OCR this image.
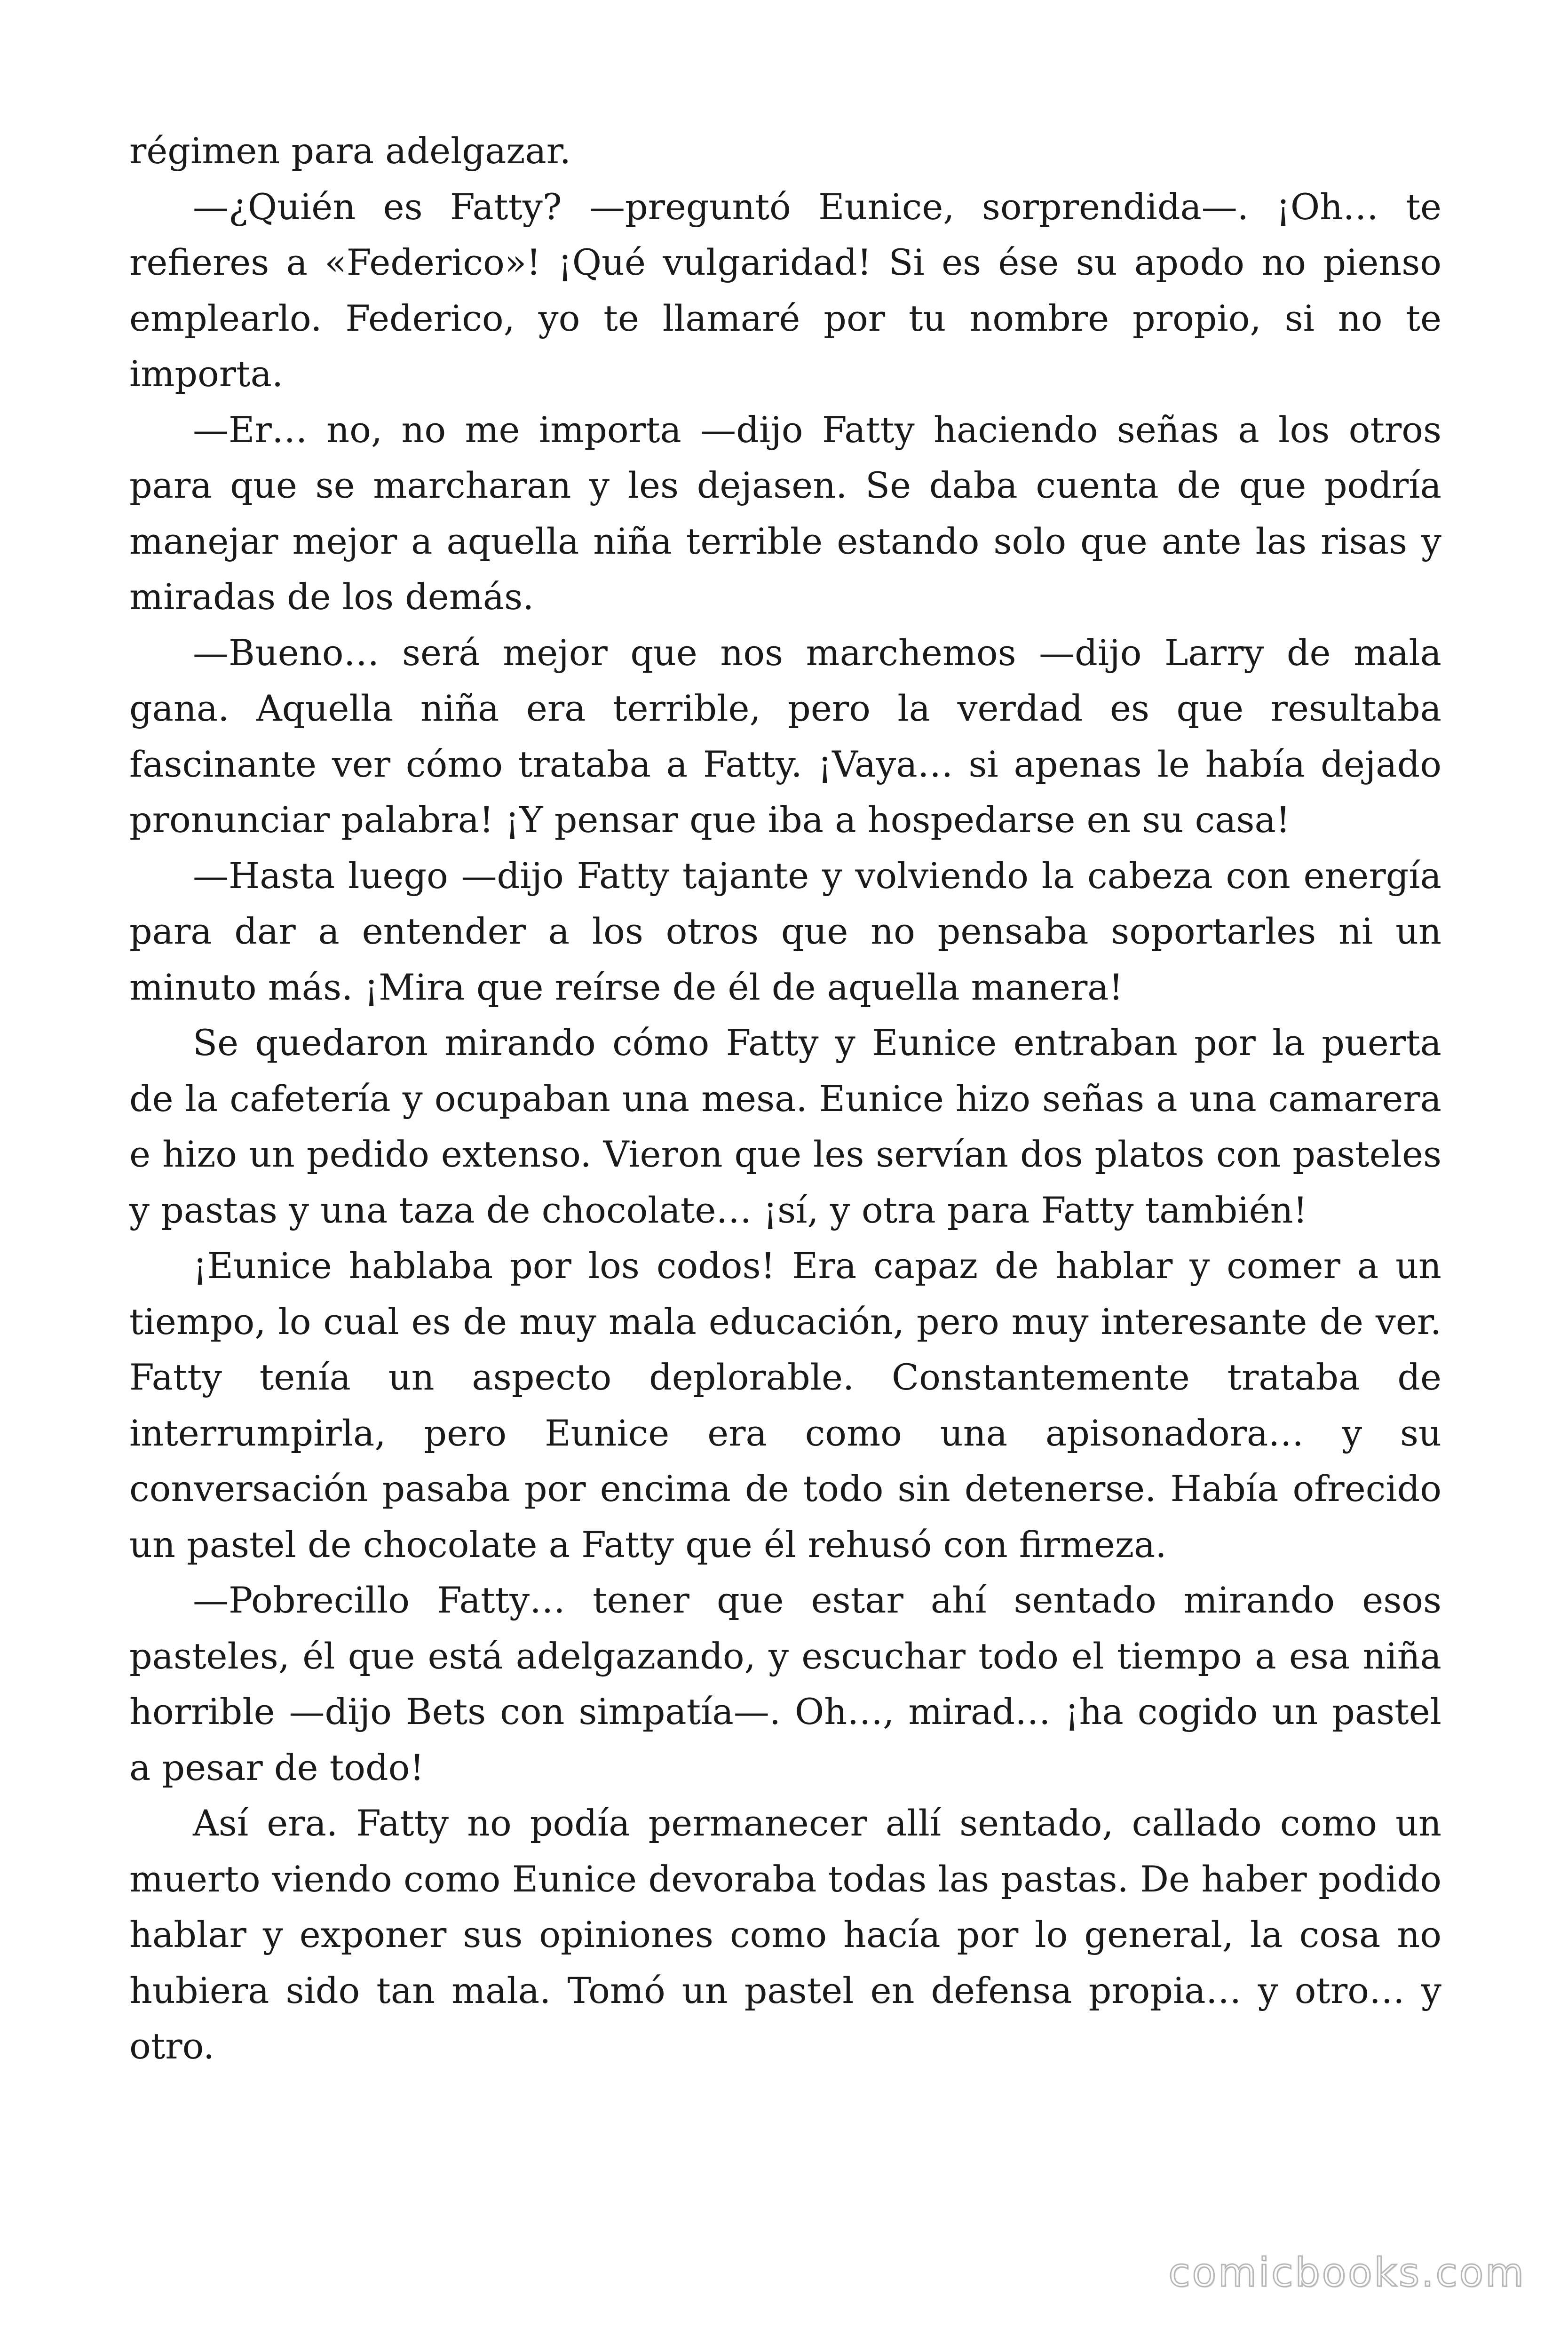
régimen para adelgazar.

—¿Quién es Fatty? —preguntó Eunice, sorprendida—. ¡Oh… te refieres a «Federico»! ¡Qué vulgaridad! Si es ése su apodo no pienso emplearlo. Federico, yo te llamaré por tu nombre propio, si no te importa.

—Er… no, no me importa —dijo Fatty haciendo señas a los otros para que se marcharan y les dejasen. Se daba cuenta de que podría manejar mejor a aquella niña terrible estando solo que ante las risas y miradas de los demás.

—Bueno… será mejor que nos marchemos —dijo Larry de mala gana. Aquella niña era terrible, pero la verdad es que resultaba fascinante ver cómo trataba a Fatty. ¡Vaya… si apenas le había dejado pronunciar palabra! ¡Y pensar que iba a hospedarse en su casa!

—Hasta luego —dijo Fatty tajante y volviendo la cabeza con energía para dar a entender a los otros que no pensaba soportarles ni un minuto más. ¡Mira que reírse de él de aquella manera!

Se quedaron mirando cómo Fatty y Eunice entraban por la puerta de la cafetería y ocupaban una mesa. Eunice hizo señas a una camarera e hizo un pedido extenso. Vieron que les servían dos platos con pasteles y pastas y una taza de chocolate… ¡sí, y otra para Fatty también!

¡Eunice hablaba por los codos! Era capaz de hablar y comer a un tiempo, lo cual es de muy mala educación, pero muy interesante de ver. Fatty tenía un aspecto deplorable. Constantemente trataba de interrumpirla, pero Eunice era como una apisonadora… y su conversación pasaba por encima de todo sin detenerse. Había ofrecido un pastel de chocolate a Fatty que él rehusó con firmeza.

—Pobrecillo Fatty… tener que estar ahí sentado mirando esos pasteles, él que está adelgazando, y escuchar todo el tiempo a esa niña horrible —dijo Bets con simpatía—. Oh…, mirad… ¡ha cogido un pastel a pesar de todo!

Así era. Fatty no podía permanecer allí sentado, callado como un muerto viendo como Eunice devoraba todas las pastas. De haber podido hablar y exponer sus opiniones como hacía por lo general, la cosa no hubiera sido tan mala. Tomó un pastel en defensa propia… y otro… y otro.

comicbooks.com
